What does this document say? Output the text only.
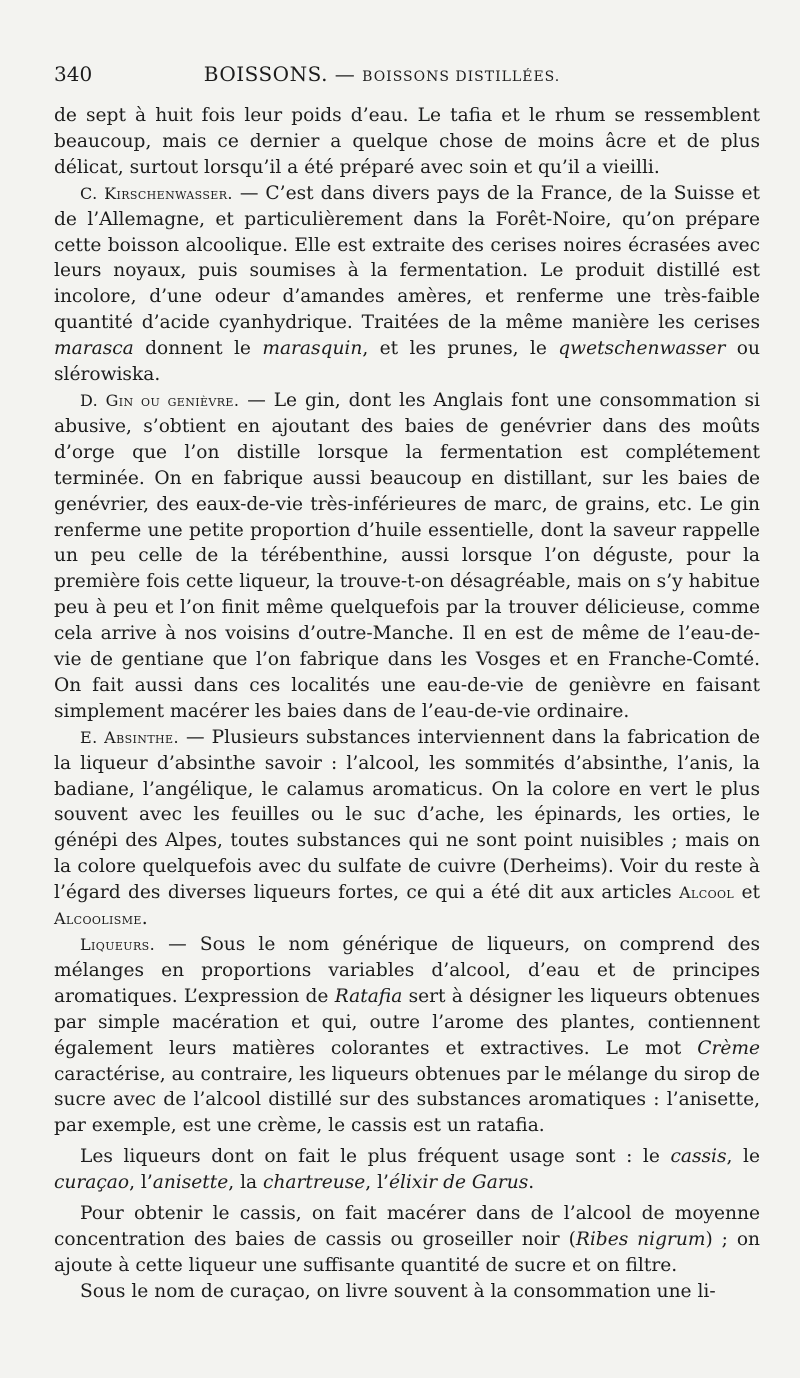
340	BOISSONS. — BOISSONS DISTILLÉES.

de sept à huit fois leur poids d’eau. Le tafia et le rhum se ressemblent beaucoup, mais ce dernier a quelque chose de moins âcre et de plus délicat, surtout lorsqu’il a été préparé avec soin et qu’il a vieilli.

C. Kirschenwasser. — C’est dans divers pays de la France, de la Suisse et de l’Allemagne, et particulièrement dans la Forêt-Noire, qu’on prépare cette boisson alcoolique. Elle est extraite des cerises noires écrasées avec leurs noyaux, puis soumises à la fermentation. Le produit distillé est incolore, d’une odeur d’amandes amères, et renferme une très-faible quantité d’acide cyanhydrique. Traitées de la même manière les cerises marasca donnent le marasquin, et les prunes, le qwetschenwasser ou slérowiska.

D. Gin ou genièvre. — Le gin, dont les Anglais font une consommation si abusive, s’obtient en ajoutant des baies de genévrier dans des moûts d’orge que l’on distille lorsque la fermentation est complétement terminée. On en fabrique aussi beaucoup en distillant, sur les baies de genévrier, des eaux-de-vie très-inférieures de marc, de grains, etc. Le gin renferme une petite proportion d’huile essentielle, dont la saveur rappelle un peu celle de la térébenthine, aussi lorsque l’on déguste, pour la première fois cette liqueur, la trouve-t-on désagréable, mais on s’y habitue peu à peu et l’on finit même quelquefois par la trouver délicieuse, comme cela arrive à nos voisins d’outre-Manche. Il en est de même de l’eau-de-vie de gentiane que l’on fabrique dans les Vosges et en Franche-Comté. On fait aussi dans ces localités une eau-de-vie de genièvre en faisant simplement macérer les baies dans de l’eau-de-vie ordinaire.

E. Absinthe. — Plusieurs substances interviennent dans la fabrication de la liqueur d’absinthe savoir : l’alcool, les sommités d’absinthe, l’anis, la badiane, l’angélique, le calamus aromaticus. On la colore en vert le plus souvent avec les feuilles ou le suc d’ache, les épinards, les orties, le génépi des Alpes, toutes substances qui ne sont point nuisibles ; mais on la colore quelquefois avec du sulfate de cuivre (Derheims). Voir du reste à l’égard des diverses liqueurs fortes, ce qui a été dit aux articles Alcool et Alcoolisme.

Liqueurs. — Sous le nom générique de liqueurs, on comprend des mélanges en proportions variables d’alcool, d’eau et de principes aromatiques. L’expression de Ratafia sert à désigner les liqueurs obtenues par simple macération et qui, outre l’arome des plantes, contiennent également leurs matières colorantes et extractives. Le mot Crème caractérise, au contraire, les liqueurs obtenues par le mélange du sirop de sucre avec de l’alcool distillé sur des substances aromatiques : l’anisette, par exemple, est une crème, le cassis est un ratafia.

Les liqueurs dont on fait le plus fréquent usage sont : le cassis, le curaçao, l’anisette, la chartreuse, l’élixir de Garus.

Pour obtenir le cassis, on fait macérer dans de l’alcool de moyenne concentration des baies de cassis ou groseiller noir (Ribes nigrum) ; on ajoute à cette liqueur une suffisante quantité de sucre et on filtre.

Sous le nom de curaçao, on livre souvent à la consommation une li-
